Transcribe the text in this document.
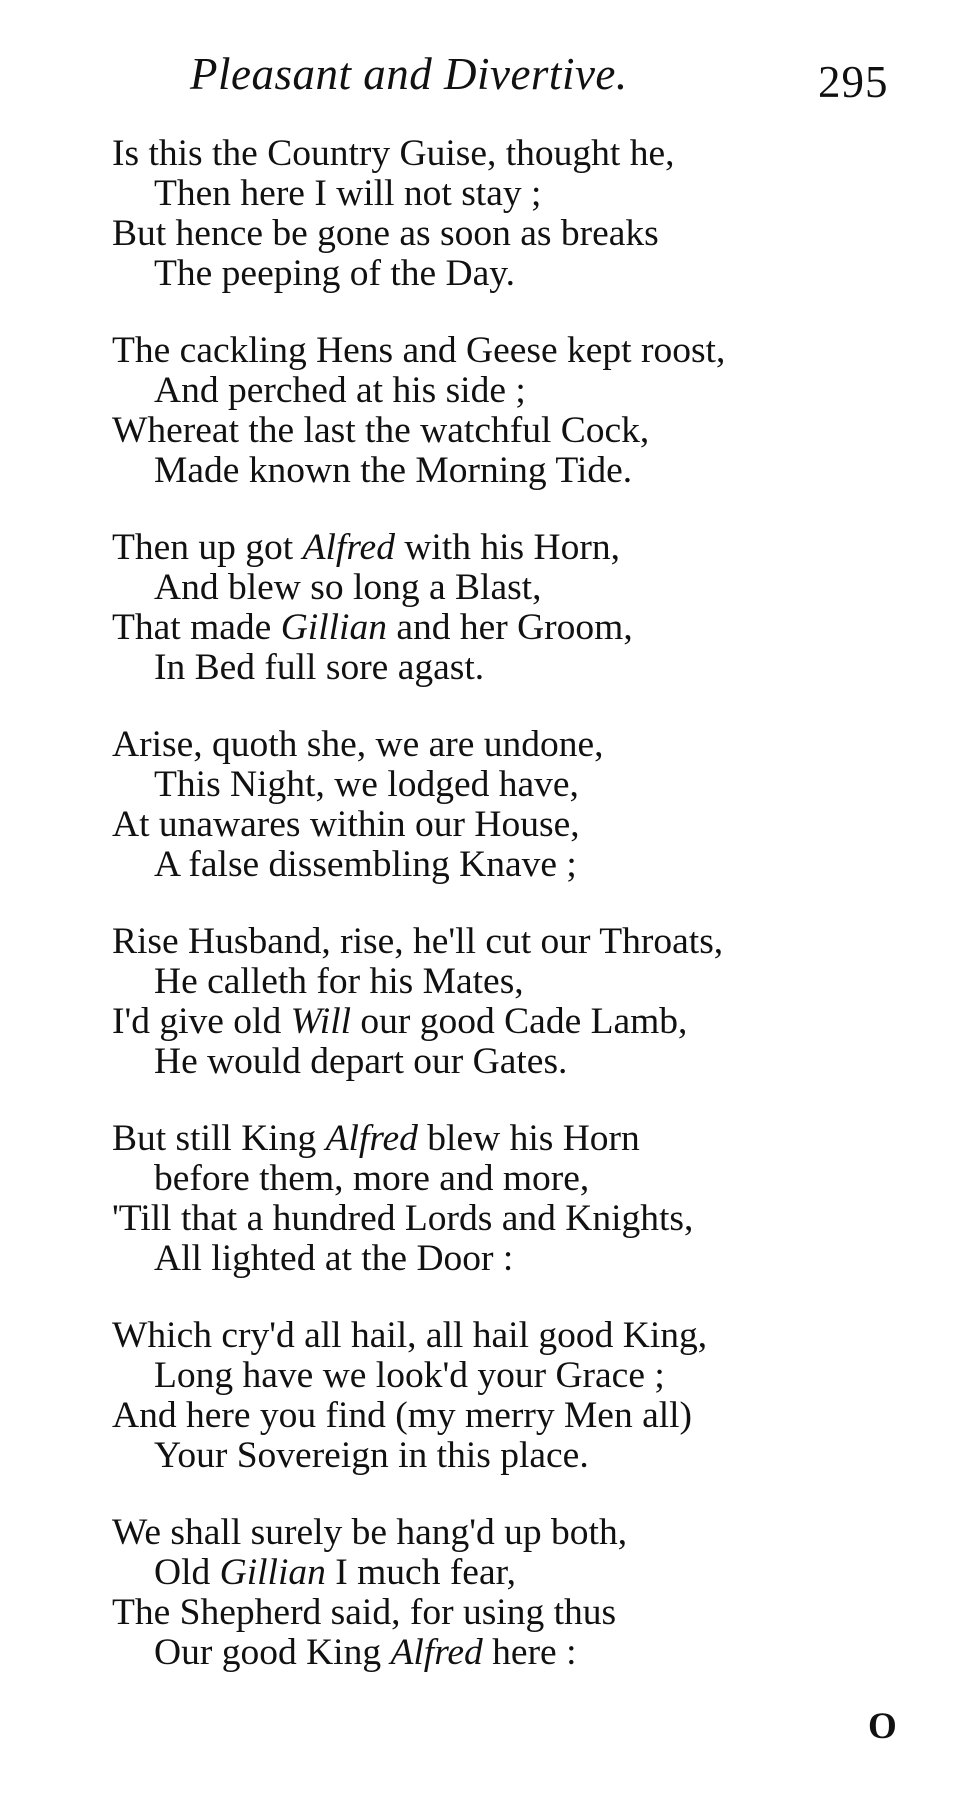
Pleasant and Divertive.	295
Is this the Country Guise, thought he,
Then here I will not stay ;
But hence be gone as soon as breaks
The peeping of the Day.
The cackling Hens and Geese kept roost,
And perched at his side ;
Whereat the last the watchful Cock,
Made known the Morning Tide.
Then up got Alfred with his Horn,
And blew so long a Blast,
That made Gillian and her Groom,
In Bed full sore agast.
Arise, quoth she, we are undone,
This Night, we lodged have,
At unawares within our House,
A false dissembling Knave ;
Rise Husband, rise, he'll cut our Throats,
He calleth for his Mates,
I'd give old Will our good Cade Lamb,
He would depart our Gates.
But still King Alfred blew his Horn
before them, more and more,
'Till that a hundred Lords and Knights,
All lighted at the Door :
Which cry'd all hail, all hail good King,
Long have we look'd your Grace ;
And here you find (my merry Men all)
Your Sovereign in this place.
We shall surely be hang'd up both,
Old Gillian I much fear,
The Shepherd said, for using thus
Our good King Alfred here :
O
